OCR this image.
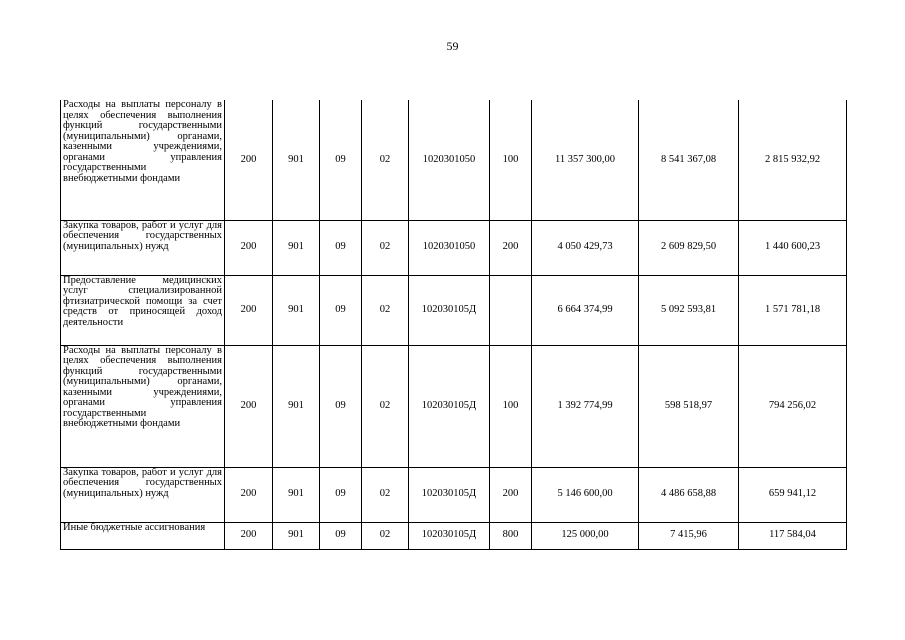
59
Расходы на выплаты персоналу в целях обеспечения выполнения функций государственными (муниципальными) органами, казенными учреждениями, органами управления государственными внебюджетными фондами	200	901	09	02	1020301050	100	11 357 300,00	8 541 367,08	2 815 932,92
Закупка товаров, работ и услуг для обеспечения государственных (муниципальных) нужд	200	901	09	02	1020301050	200	4 050 429,73	2 609 829,50	1 440 600,23
Предоставление медицинских услуг специализированной фтизиатрической помощи за счет средств от приносящей доход деятельности	200	901	09	02	102030105Д		6 664 374,99	5 092 593,81	1 571 781,18
Расходы на выплаты персоналу в целях обеспечения выполнения функций государственными (муниципальными) органами, казенными учреждениями, органами управления государственными внебюджетными фондами	200	901	09	02	102030105Д	100	1 392 774,99	598 518,97	794 256,02
Закупка товаров, работ и услуг для обеспечения государственных (муниципальных) нужд	200	901	09	02	102030105Д	200	5 146 600,00	4 486 658,88	659 941,12
Иные бюджетные ассигнования	200	901	09	02	102030105Д	800	125 000,00	7 415,96	117 584,04
